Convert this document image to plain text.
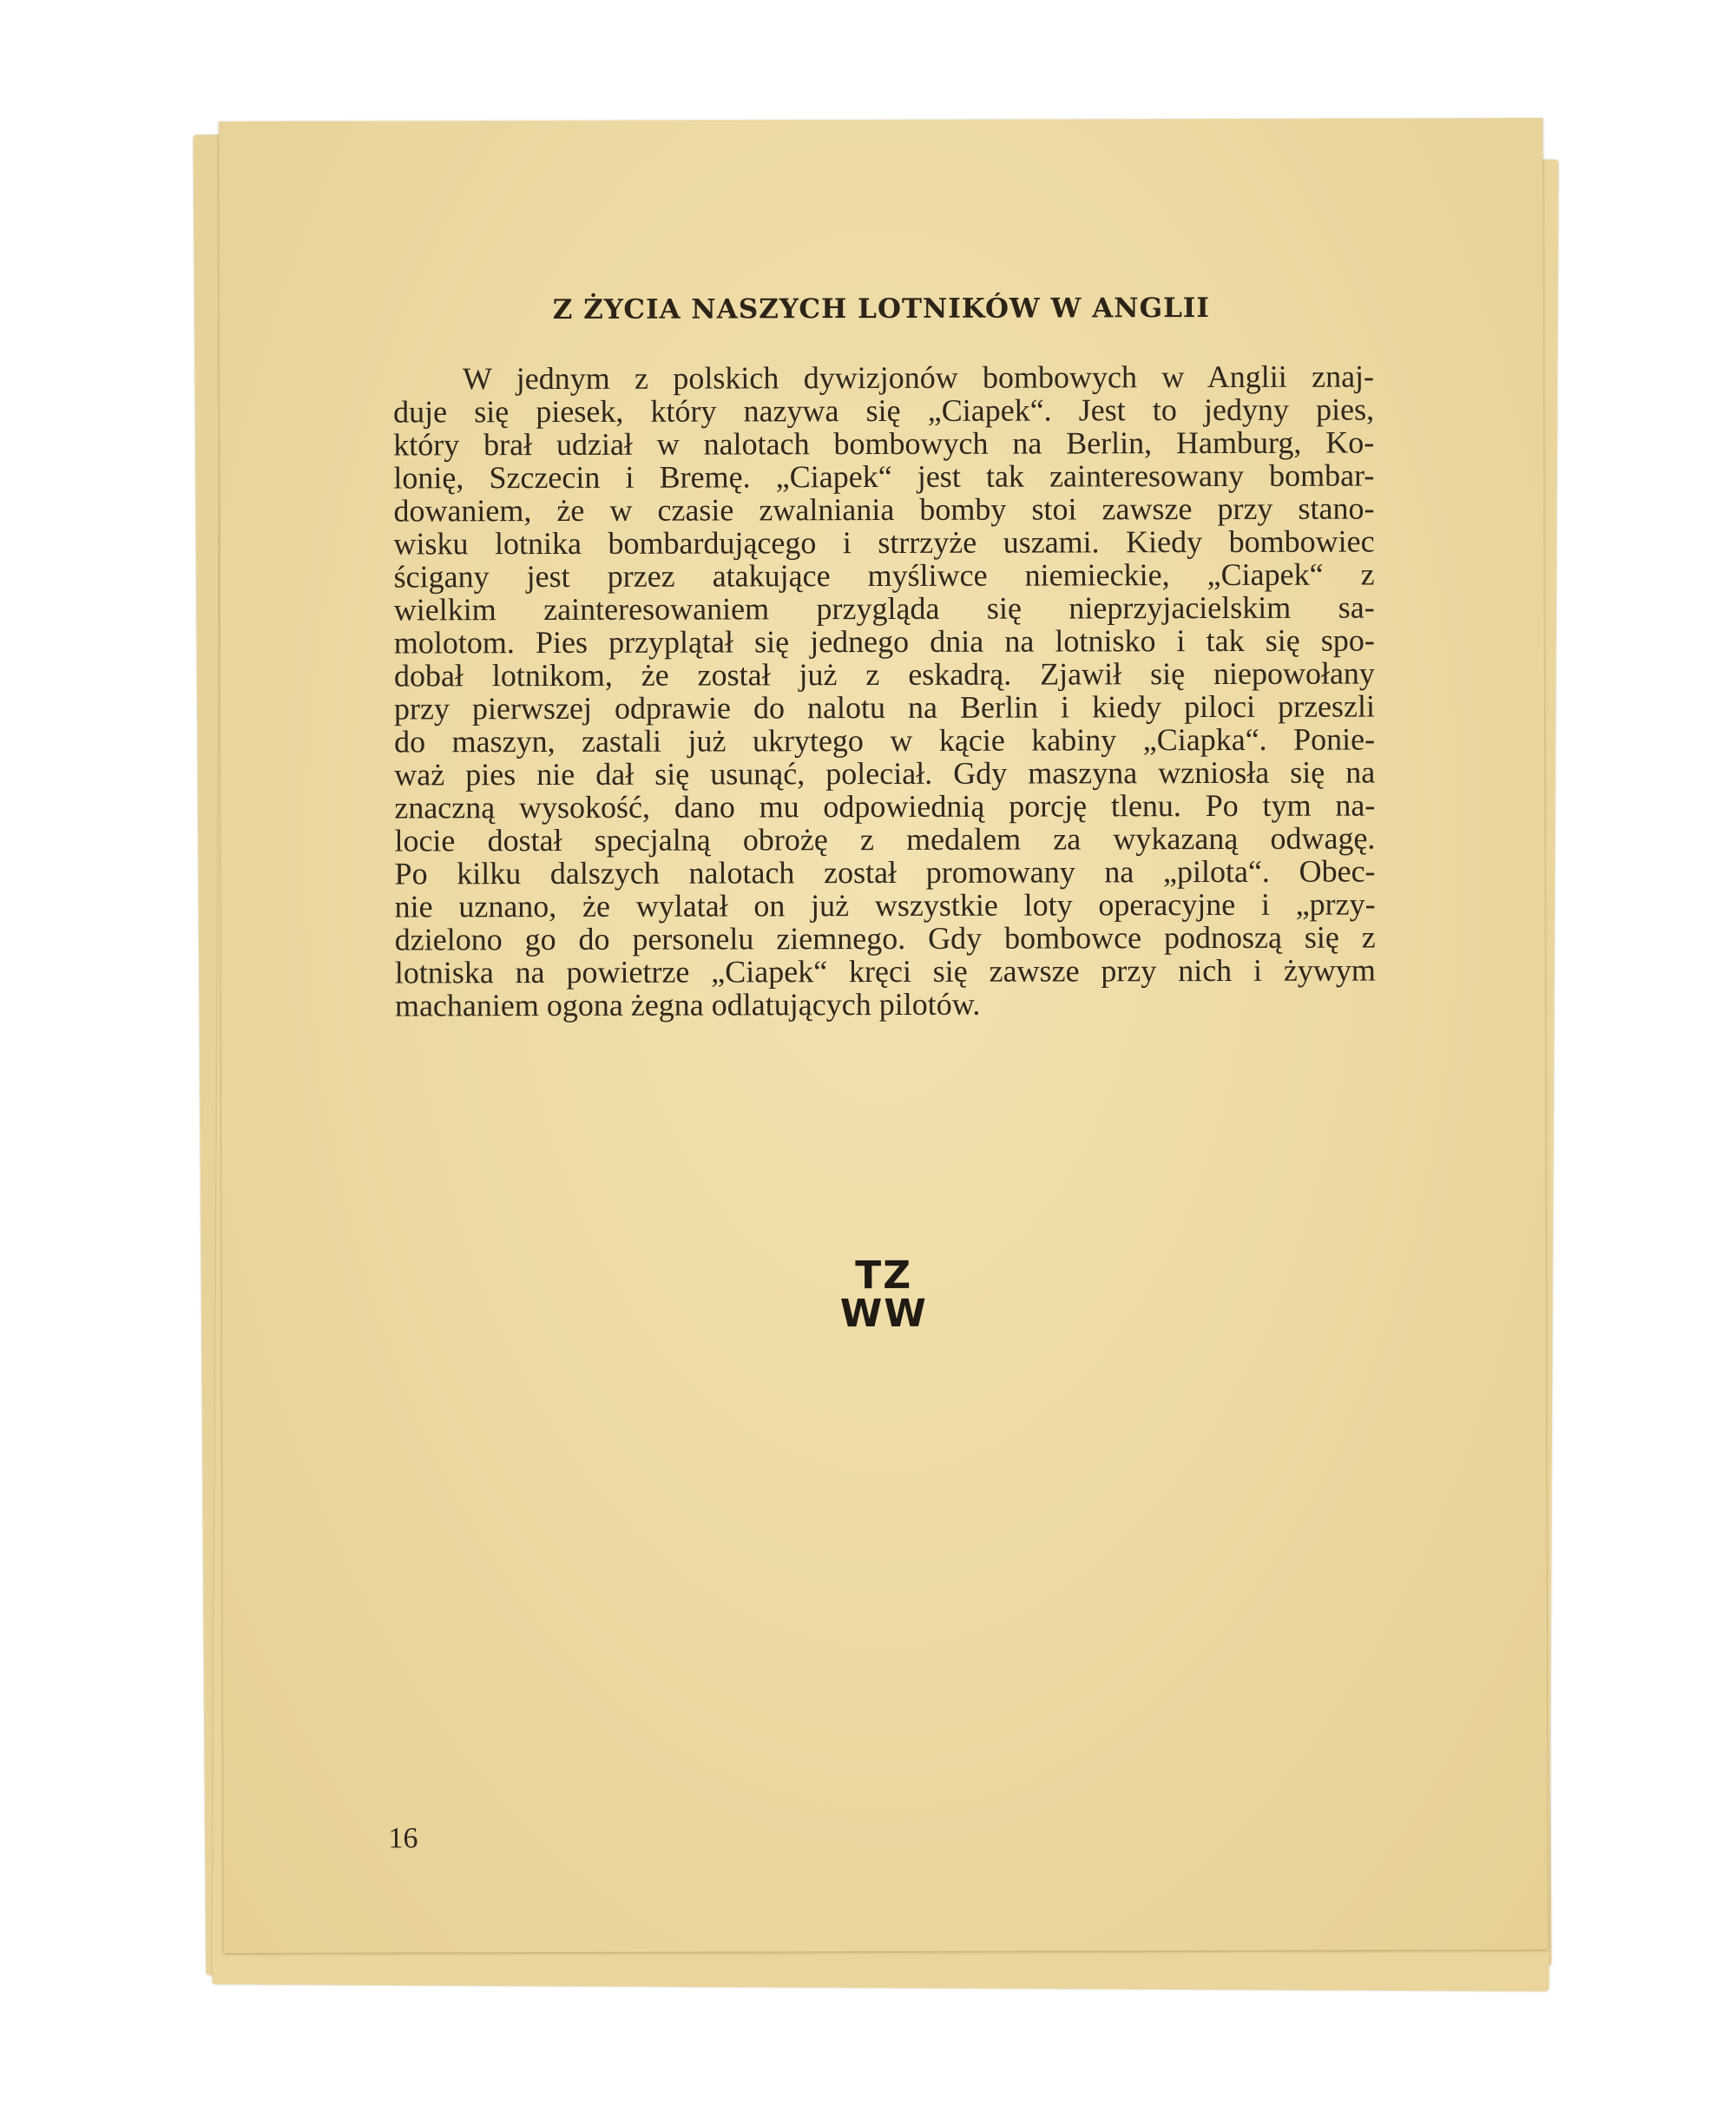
Z ŻYCIA NASZYCH LOTNIKÓW W ANGLII
W jednym z polskich dywizjonów bombowych w Anglii znaj-
duje się piesek, który nazywa się „Ciapek“. Jest to jedyny pies,
który brał udział w nalotach bombowych na Berlin, Hamburg, Ko-
lonię, Szczecin i Bremę. „Ciapek“ jest tak zainteresowany bombar-
dowaniem, że w czasie zwalniania bomby stoi zawsze przy stano-
wisku lotnika bombardującego i strrzyże uszami. Kiedy bombowiec
ścigany jest przez atakujące myśliwce niemieckie, „Ciapek“ z
wielkim zainteresowaniem przygląda się nieprzyjacielskim sa-
molotom. Pies przyplątał się jednego dnia na lotnisko i tak się spo-
dobał lotnikom, że został już z eskadrą. Zjawił się niepowołany
przy pierwszej odprawie do nalotu na Berlin i kiedy piloci przeszli
do maszyn, zastali już ukrytego w kącie kabiny „Ciapka“. Ponie-
waż pies nie dał się usunąć, poleciał. Gdy maszyna wzniosła się na
znaczną wysokość, dano mu odpowiednią porcję tlenu. Po tym na-
locie dostał specjalną obrożę z medalem za wykazaną odwagę.
Po kilku dalszych nalotach został promowany na „pilota“. Obec-
nie uznano, że wylatał on już wszystkie loty operacyjne i „przy-
dzielono go do personelu ziemnego. Gdy bombowce podnoszą się z
lotniska na powietrze „Ciapek“ kręci się zawsze przy nich i żywym
machaniem ogona żegna odlatujących pilotów.
TZ
WW
16
